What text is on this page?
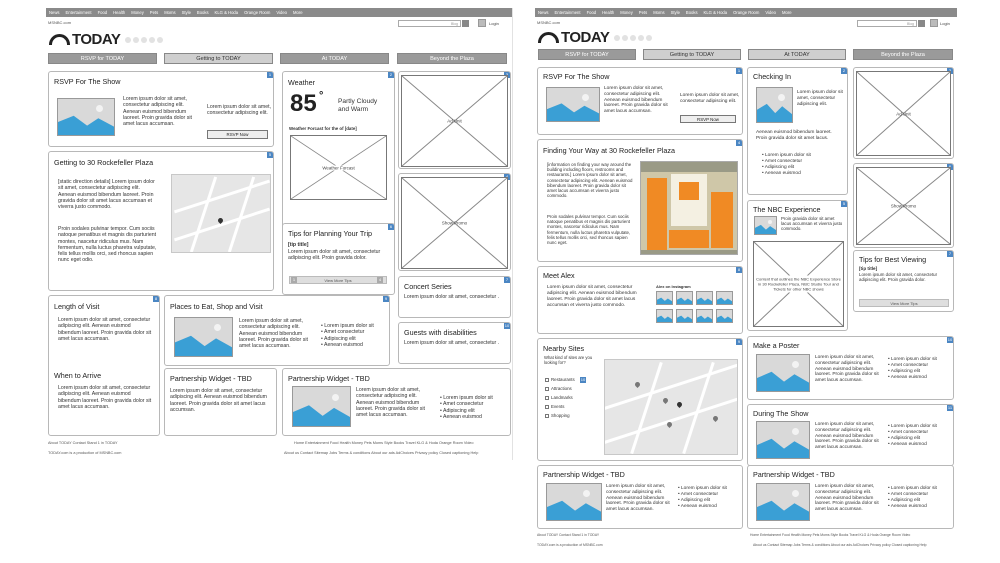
News Entertainment Food Health Money Pets Moms Style Books KLG & Hoda Orange Room Video More
MSNBC.com	Blog	Login
TODAY
RSVP for TODAY	Getting to TODAY	At TODAY	Beyond the Plaza
1
RSVP For The Show
Lorem ipsum dolor sit amet, consectetur adipiscing elit. Aenean euismod bibendum laoreet. Proin gravida dolor sit amet lacus accumsan.
Lorem ipsum dolor sit amet, consectetur adipiscing elit.
RSVP Now
2
Weather
85 ° Partly Cloudy and Warm
Weather Forcast for the of [date]
Weather Forcast
Ad Unit
Show Promo
5
Getting to 30 Rockefeller Plaza
[static direction details] Lorem ipsum dolor sit amet, consectetur adipiscing elit. Aenean euismod bibendum laoreet. Proin gravida dolor sit amet lacus accumsan et viverra justo commodo.
Proin sodales pulvinar tempor. Cum sociis natoque penatibus et magnis dis parturient montes, nascetur ridiculus mus. Nam fermentum, nulla luctus pharetra vulputate, felis tellus mollis orci, sed rhoncus sapien nunc eget odio.
6
Tips for Planning Your Trip
[tip title]
Lorem ipsum dolor sit amet, consectetur adipiscing elit. Proin gravida dolor.
View More Tips
1	4	7
Concert Series
Lorem ipsum dolor sit amet, consectetur .
8
Length of Visit
Lorem ipsum dolor sit amet, consectetur adipiscing elit. Aenean euismod bibendum laoreet. Proin gravida dolor sit amet lacus accumsan.
When to Arrive
Lorem ipsum dolor sit amet, consectetur adipiscing elit. Aenean euismod bibendum laoreet. Proin gravida dolor sit amet lacus accumsan.
9
Places to Eat, Shop and Visit
Lorem ipsum dolor sit amet, consectetur adipiscing elit. Aenean euismod bibendum laoreet. Proin gravida dolor sit amet lacus accumsan.
• Lorem ipsum dolor sit
• Amet consectetur
• Adipiscing elit
• Aenean euismod
10
Guests with disabilities
Lorem ipsum dolor sit amet, consectetur .
Partnership Widget - TBD
Lorem ipsum dolor sit amet, consectetur adipiscing elit. Aenean euismod bibendum laoreet. Proin gravida dolor sit amet lacus accumsan.
Partnership Widget - TBD
Lorem ipsum dolor sit amet, consectetur adipiscing elit. Aenean euismod bibendum laoreet. Proin gravida dolor sit amet lacus accumsan.
• Lorem ipsum dolor sit
• Amet consectetur
• Adipiscing elit
• Aenean euismod
About TODAY Contact Stand 1 in TODAY	Home Entertainment Food Health Money Pets Moms Style Books Travel KLG & Hoda Orange Room Video
TODAY.com is a production of MSNBC.com	About us Contact Sitemap Jobs Terms & conditions About our ads AdChoices Privacy policy Closed captioning Help
News Entertainment Food Health Money Pets Moms Style Books KLG & Hoda Orange Room Video More
MSNBC.com	Blog	Login
TODAY
RSVP for TODAY	Getting to TODAY	At TODAY	Beyond the Plaza
1
RSVP For The Show
Lorem ipsum dolor sit amet, consectetur adipiscing elit. Aenean euismod bibendum laoreet. Proin gravida dolor sit amet lacus accumsan.
Lorem ipsum dolor sit amet, consectetur adipiscing elit.
RSVP Now
2
Checking In
Lorem ipsum dolor sit amet, consectetur adipiscing elit.
Aenean euismod bibendum laoreet. Proin gravida dolor sit amet lacus.
• Lorem ipsum dolor sit
• Amet consectetur
• Adipiscing elit
• Aenean euismod
Ad Unit
4
Finding Your Way at 30 Rockefeller Plaza
[information on finding your way around the building including floors, restrooms and restaurants.] Lorem ipsum dolor sit amet, consectetur adipiscing elit. Aenean euismod bibendum laoreet. Proin gravida dolor sit amet lacus accumsan et viverra justo commodo.
Proin sodales pulvinar tempor. Cum sociis natoque penatibus et magnis dis parturient montes, nascetur ridiculus mus. Nam fermentum, nulla luctus pharetra vulputate, felis tellus mollis orci, sed rhoncus sapien nunc eget.
5
The NBC Experience
Proin gravida dolor sit amet lacus accumsan et viverra justo commodo.
Content that outlines the NBC Experience Store in 30 Rockefeller Plaza, NBC Studio Tour and Tickets for other NBC shows
Show Promo
7
Tips for Best Viewing
[tip title]
Lorem ipsum dolor sit amet, consectetur adipiscing elit. Proin gravida dolor.
View More Tips
8
Meet Alex
Lorem ipsum dolor sit amet, consectetur adipiscing elit. Aenean euismod bibendum laoreet. Proin gravida dolor sit amet lacus accumsan et viverra justo commodo.
Alex on Instagram
9
Nearby Sites
What kind of sites are you looking for?
10
Restaurants
Attractions
Landmarks
Events
Shopping
10
Make a Poster
Lorem ipsum dolor sit amet, consectetur adipiscing elit. Aenean euismod bibendum laoreet. Proin gravida dolor sit amet lacus accumsan.
• Lorem ipsum dolor sit
• Amet consectetur
• Adipiscing elit
• Aenean euismod
11
During The Show
Lorem ipsum dolor sit amet, consectetur adipiscing elit. Aenean euismod bibendum laoreet. Proin gravida dolor sit amet lacus accumsan.
• Lorem ipsum dolor sit
• Amet consectetur
• Adipiscing elit
• Aenean euismod
Partnership Widget - TBD
Lorem ipsum dolor sit amet, consectetur adipiscing elit. Aenean euismod bibendum laoreet. Proin gravida dolor sit amet lacus accumsan.
• Lorem ipsum dolor sit
• Amet consectetur
• Adipiscing elit
• Aenean euismod
Partnership Widget - TBD
Lorem ipsum dolor sit amet, consectetur adipiscing elit. Aenean euismod bibendum laoreet. Proin gravida dolor sit amet lacus accumsan.
• Lorem ipsum dolor sit
• Amet consectetur
• Adipiscing elit
• Aenean euismod
About TODAY Contact Stand 1 in TODAY	Home Entertainment Food Health Money Pets Moms Style Books Travel KLG & Hoda Orange Room Video
TODAY.com is a production of MSNBC.com	About us Contact Sitemap Jobs Terms & conditions About our ads AdChoices Privacy policy Closed captioning Help
